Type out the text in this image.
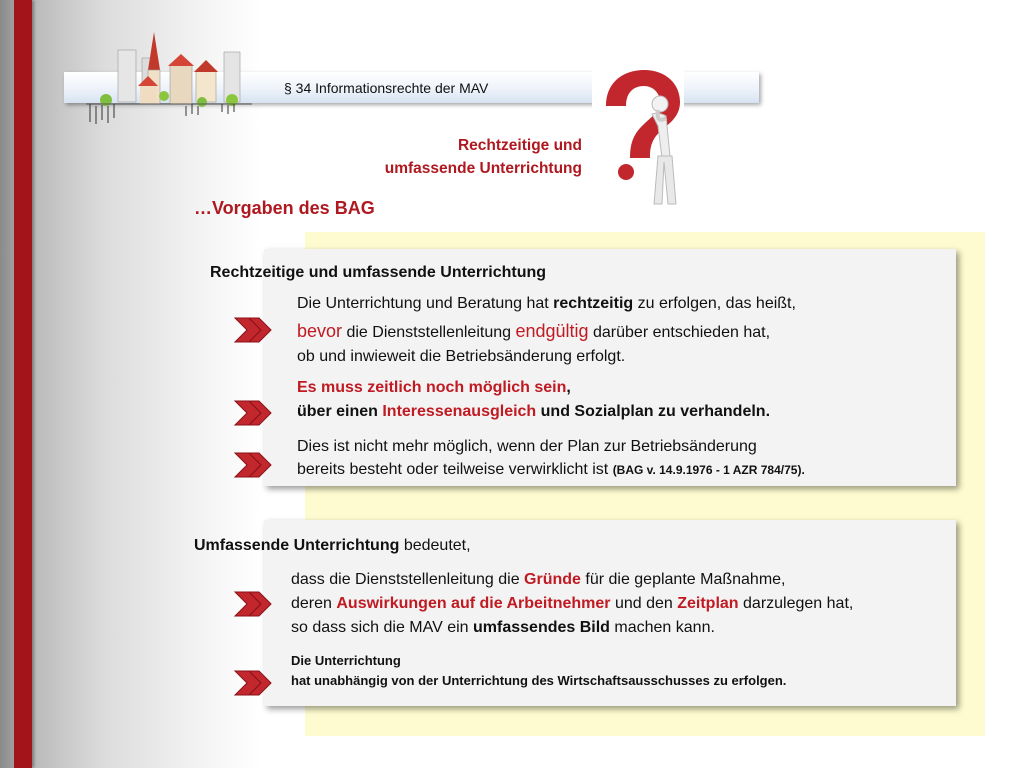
§ 34 Informationsrechte der MAV
Rechtzeitige und
umfassende Unterrichtung
…Vorgaben des BAG
Rechtzeitige und umfassende Unterrichtung
Die Unterrichtung und Beratung hat rechtzeitig zu erfolgen, das heißt,
bevor die Dienststellenleitung endgültig darüber entschieden hat,
ob und inwieweit die Betriebsänderung erfolgt.
Es muss zeitlich noch möglich sein,
über einen Interessenausgleich und Sozialplan zu verhandeln.
Dies ist nicht mehr möglich, wenn der Plan zur Betriebsänderung
bereits besteht oder teilweise verwirklicht ist (BAG v. 14.9.1976 - 1 AZR 784/75).
Umfassende Unterrichtung bedeutet,
dass die Dienststellenleitung die Gründe für die geplante Maßnahme,
deren Auswirkungen auf die Arbeitnehmer und den Zeitplan darzulegen hat,
so dass sich die MAV ein umfassendes Bild machen kann.
Die Unterrichtung
hat unabhängig von der Unterrichtung des Wirtschaftsausschusses zu erfolgen.
